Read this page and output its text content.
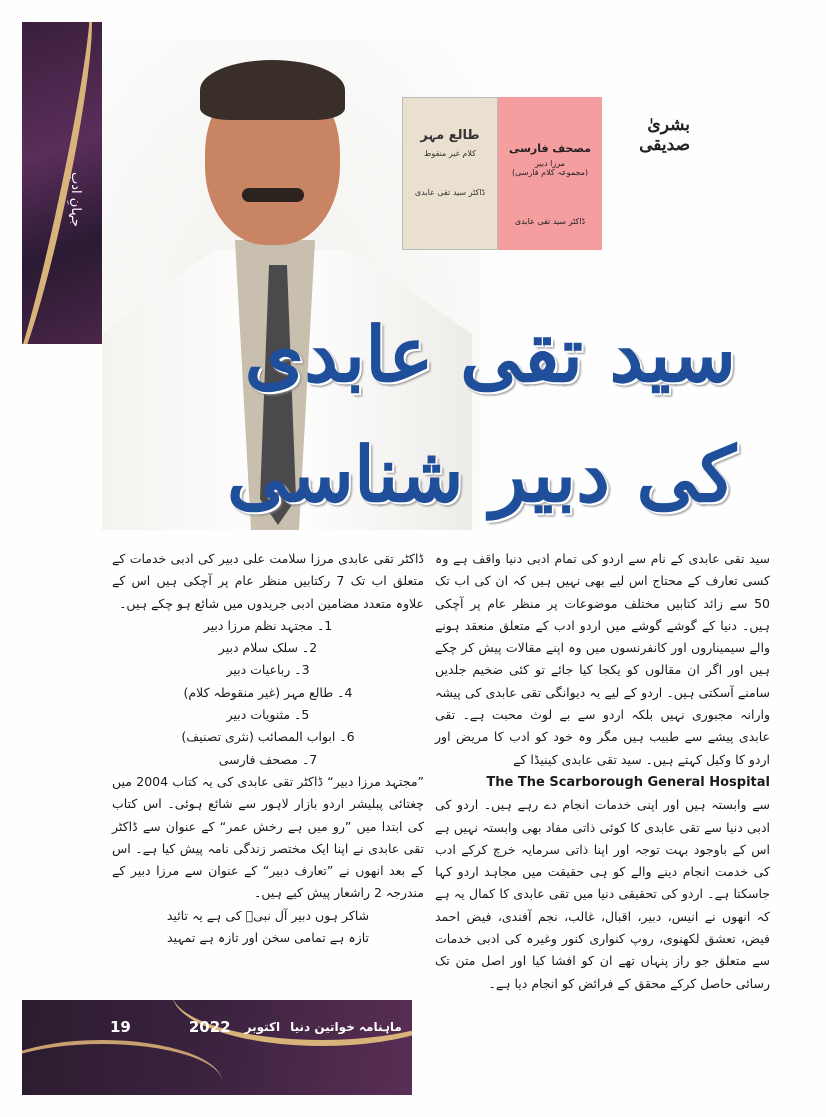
جہانِ ادب
طالع مہر
کلام غیر منقوط
ڈاکٹر سید تقی عابدی
مصحف فارسی
مرزا دبیر
(مجموعہ کلام فارسی)
ڈاکٹر سید تقی عابدی
بشریٰ صدیقی
سید تقی عابدی
کی دبیر شناسی

سید تقی عابدی کے نام سے اردو کی تمام ادبی دنیا واقف ہے وہ کسی تعارف کے محتاج اس لیے بھی نہیں ہیں کہ ان کی اب تک 50 سے زائد کتابیں مختلف موضوعات پر منظر عام پر آچکی ہیں۔ دنیا کے گوشے گوشے میں اردو ادب کے متعلق منعقد ہونے والے سیمیناروں اور کانفرنسوں میں وہ اپنے مقالات پیش کر چکے ہیں اور اگر ان مقالوں کو یکجا کیا جائے تو کئی ضخیم جلدیں سامنے آسکتی ہیں۔ اردو کے لیے یہ دیوانگی تقی عابدی کی پیشہ وارانہ مجبوری نہیں بلکہ اردو سے بے لوث محبت ہے۔ تقی عابدی پیشے سے طبیب ہیں مگر وہ خود کو ادب کا مریض اور اردو کا وکیل کہتے ہیں۔ سید تقی عابدی کینیڈا کے

The The Scarborough General Hospital

سے وابستہ ہیں اور اپنی خدمات انجام دے رہے ہیں۔ اردو کی ادبی دنیا سے تقی عابدی کا کوئی ذاتی مفاد بھی وابستہ نہیں ہے اس کے باوجود بہت توجہ اور اپنا ذاتی سرمایہ خرچ کرکے ادب کی خدمت انجام دینے والے کو ہی حقیقت میں مجاہد اردو کہا جاسکتا ہے۔ اردو کی تحقیقی دنیا میں تقی عابدی کا کمال یہ ہے کہ انھوں نے انیس، دبیر، اقبال، غالب، نجم آفندی، فیض احمد فیض، تعشق لکھنوی، روپ کنواری کنور وغیرہ کی ادبی خدمات سے متعلق جو راز پنہاں تھے ان کو افشا کیا اور اصل متن تک رسائی حاصل کرکے محقق کے فرائض کو انجام دیا ہے۔

ڈاکٹر تقی عابدی مرزا سلامت علی دبیر کی ادبی خدمات کے متعلق اب تک 7 رکتابیں منظر عام پر آچکی ہیں اس کے علاوہ متعدد مضامین ادبی جریدوں میں شائع ہو چکے ہیں۔

1۔ مجتہد نظم مرزا دبیر
2۔ سلک سلام دبیر
3۔ رباعیات دبیر
4۔ طالع مہر (غیر منقوطہ کلام)
5۔ مثنویات دبیر
6۔ ابواب المصائب (نثری تصنیف)
7۔ مصحف فارسی

”مجتہد مرزا دبیر“ ڈاکٹر تقی عابدی کی یہ کتاب 2004 میں چغتائی پبلیشر اردو بازار لاہور سے شائع ہوئی۔ اس کتاب کی ابتدا میں ”رو میں ہے رخش عمر“ کے عنوان سے ڈاکٹر تقی عابدی نے اپنا ایک مختصر زندگی نامہ پیش کیا ہے۔ اس کے بعد انھوں نے ”تعارف دبیر“ کے عنوان سے مرزا دبیر کے مندرجہ 2 راشعار پیش کیے ہیں۔

شاکر ہوں دبیر آل نبیؐ کی ہے یہ تائید
تازہ ہے تمامی سخن اور تازہ ہے تمہید
19	2022 اکتوبر ماہنامہ خواتین دنیا
